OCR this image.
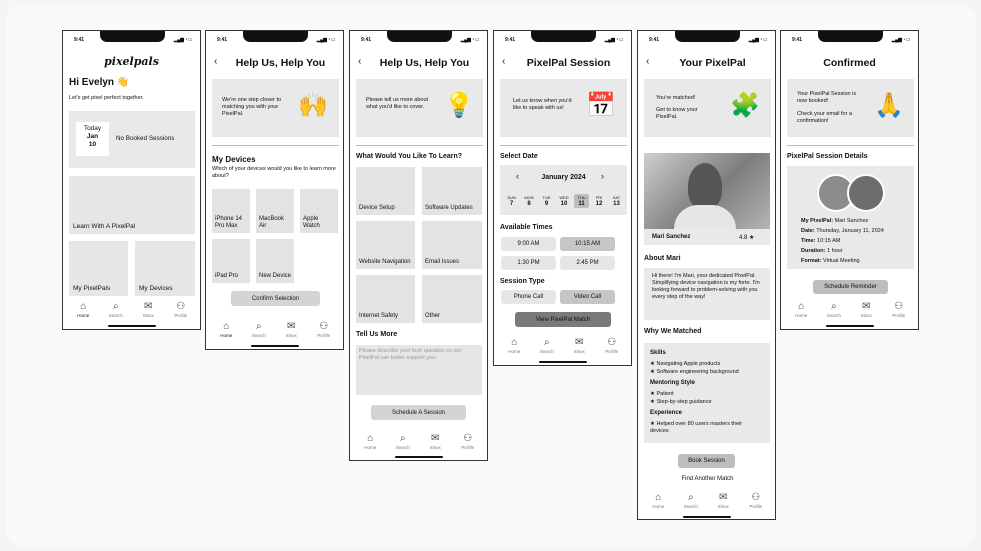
9:41	▂▄▆ ◔ ▭
pixelpals
Hi Evelyn 👋
Let's get pixel perfect together.
Today
Jan
10
No Booked Sessions
Learn With A PixelPal
My PixelPals	My Devices
⌂
Home
⌕
Search
✉
Inbox
⚇
Profile
9:41	▂▄▆ ◔ ▭
‹	Help Us, Help You
We're one step closer to matching you with your PixelPal.	🙌
My Devices
Which of your devices would you like to learn more about?
iPhone 14 Pro Max
MacBook Air
Apple Watch
iPad Pro	New Device
Confirm Selection
⌂
Home
⌕
Search
✉
Inbox
⚇
Profile
9:41	▂▄▆ ◔ ▭
‹	Help Us, Help You
Please tell us more about what you'd like to cover. 💡
What Would You Like To Learn?
Device Setup	Software Updates
Website Navigation Email Issues
Internet Safety	Other
Tell Us More
Please describe your tech question so our PixelPal can better support you.
Schedule A Session
⌂
Home
⌕
Search
✉
Inbox
⚇
Profile
9:41	▂▄▆ ◔ ▭
‹	PixelPal Session
Let us know when you'd like to speak with us! 📅
Select Date
‹	January 2024	›
SUN
7
MON
8
TUE
9
WED
10
THU
11
FRI
12
SAT
13
Available Times
9:00 AM	10:15 AM
1:30 PM	2:45 PM
Session Type
Phone Call	Video Call
View PixelPal Match
⌂
Home
⌕
Search
✉
Inbox
⚇
Profile
9:41	▂▄▆ ◔ ▭
‹	Your PixelPal
You're matched!
Get to know your PixelPal.	🧩
Mari Sanchez	4.8 ★
About Mari
Hi there! I'm Mari, your dedicated PixelPal. Simplifying device navigation is my forte. I'm looking forward to problem-solving with you every step of the way!
Why We Matched
Skills
★ Navigating Apple products
★ Software engineering background
Mentoring Style
★ Patient
★ Step-by-step guidance
Experience
★ Helped over 80 users masters their devices
Book Session
Find Another Match
⌂
Home
⌕
Search
✉
Inbox
⚇
Profile
9:41	▂▄▆ ◔ ▭
Confirmed
Your PixelPal Session is now booked!
Check your email for a confirmation!
🙏
PixelPal Session Details
My PixelPal: Mari Sanchez
Date: Thursday, January 11, 2024
Time: 10:15 AM
Duration: 1 hour
Format: Virtual Meeting
Schedule Reminder
⌂
Home
⌕
Search
✉
Inbox
⚇
Profile
